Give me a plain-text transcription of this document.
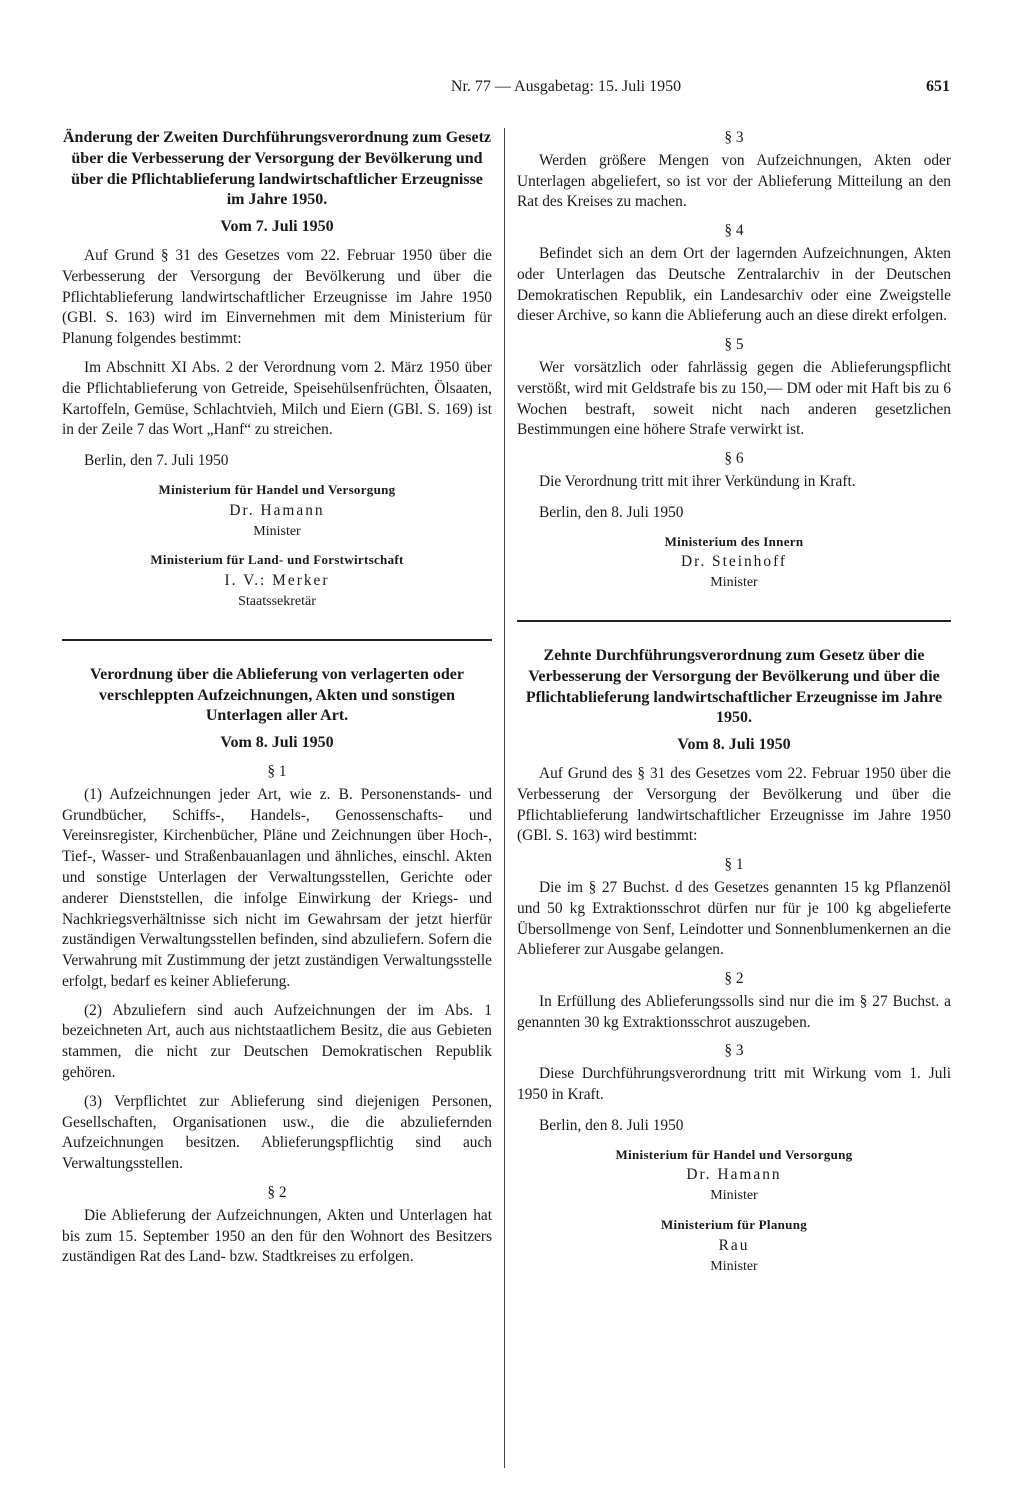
Nr. 77 — Ausgabetag: 15. Juli 1950	651
Änderung der Zweiten Durchführungsverordnung zum Gesetz über die Verbesserung der Versorgung der Bevölkerung und über die Pflichtablieferung landwirtschaftlicher Erzeugnisse im Jahre 1950.
Vom 7. Juli 1950

Auf Grund § 31 des Gesetzes vom 22. Februar 1950 über die Verbesserung der Versorgung der Bevölkerung und über die Pflichtablieferung landwirtschaftlicher Erzeugnisse im Jahre 1950 (GBl. S. 163) wird im Einvernehmen mit dem Ministerium für Planung folgendes bestimmt:

Im Abschnitt XI Abs. 2 der Verordnung vom 2. März 1950 über die Pflichtablieferung von Getreide, Speisehülsenfrüchten, Ölsaaten, Kartoffeln, Gemüse, Schlachtvieh, Milch und Eiern (GBl. S. 169) ist in der Zeile 7 das Wort „Hanf“ zu streichen.

Berlin, den 7. Juli 1950
Ministerium für Handel und Versorgung
Dr. Hamann
Minister
Ministerium für Land- und Forstwirtschaft
I. V.: Merker
Staatssekretär
Verordnung über die Ablieferung von verlagerten oder verschleppten Aufzeichnungen, Akten und sonstigen Unterlagen aller Art.
Vom 8. Juli 1950
§ 1

(1) Aufzeichnungen jeder Art, wie z. B. Personenstands- und Grundbücher, Schiffs-, Handels-, Genossenschafts- und Vereinsregister, Kirchenbücher, Pläne und Zeichnungen über Hoch-, Tief-, Wasser- und Straßenbauanlagen und ähnliches, einschl. Akten und sonstige Unterlagen der Verwaltungsstellen, Gerichte oder anderer Dienststellen, die infolge Einwirkung der Kriegs- und Nachkriegsverhältnisse sich nicht im Gewahrsam der jetzt hierfür zuständigen Verwaltungsstellen befinden, sind abzuliefern. Sofern die Verwahrung mit Zustimmung der jetzt zuständigen Verwaltungsstelle erfolgt, bedarf es keiner Ablieferung.

(2) Abzuliefern sind auch Aufzeichnungen der im Abs. 1 bezeichneten Art, auch aus nichtstaatlichem Besitz, die aus Gebieten stammen, die nicht zur Deutschen Demokratischen Republik gehören.

(3) Verpflichtet zur Ablieferung sind diejenigen Personen, Gesellschaften, Organisationen usw., die die abzuliefernden Aufzeichnungen besitzen. Ablieferungspflichtig sind auch Verwaltungsstellen.

§ 2

Die Ablieferung der Aufzeichnungen, Akten und Unterlagen hat bis zum 15. September 1950 an den für den Wohnort des Besitzers zuständigen Rat des Land- bzw. Stadtkreises zu erfolgen.

§ 3

Werden größere Mengen von Aufzeichnungen, Akten oder Unterlagen abgeliefert, so ist vor der Ablieferung Mitteilung an den Rat des Kreises zu machen.

§ 4

Befindet sich an dem Ort der lagernden Aufzeichnungen, Akten oder Unterlagen das Deutsche Zentralarchiv in der Deutschen Demokratischen Republik, ein Landesarchiv oder eine Zweigstelle dieser Archive, so kann die Ablieferung auch an diese direkt erfolgen.

§ 5

Wer vorsätzlich oder fahrlässig gegen die Ablieferungspflicht verstößt, wird mit Geldstrafe bis zu 150,— DM oder mit Haft bis zu 6 Wochen bestraft, soweit nicht nach anderen gesetzlichen Bestimmungen eine höhere Strafe verwirkt ist.

§ 6

Die Verordnung tritt mit ihrer Verkündung in Kraft.

Berlin, den 8. Juli 1950
Ministerium des Innern
Dr. Steinhoff
Minister
Zehnte Durchführungsverordnung zum Gesetz über die Verbesserung der Versorgung der Bevölkerung und über die Pflichtablieferung landwirtschaftlicher Erzeugnisse im Jahre 1950.
Vom 8. Juli 1950

Auf Grund des § 31 des Gesetzes vom 22. Februar 1950 über die Verbesserung der Versorgung der Bevölkerung und über die Pflichtablieferung landwirtschaftlicher Erzeugnisse im Jahre 1950 (GBl. S. 163) wird bestimmt:

§ 1

Die im § 27 Buchst. d des Gesetzes genannten 15 kg Pflanzenöl und 50 kg Extraktionsschrot dürfen nur für je 100 kg abgelieferte Übersollmenge von Senf, Leindotter und Sonnenblumenkernen an die Ablieferer zur Ausgabe gelangen.

§ 2

In Erfüllung des Ablieferungssolls sind nur die im § 27 Buchst. a genannten 30 kg Extraktionsschrot auszugeben.

§ 3

Diese Durchführungsverordnung tritt mit Wirkung vom 1. Juli 1950 in Kraft.

Berlin, den 8. Juli 1950
Ministerium für Handel und Versorgung
Dr. Hamann
Minister
Ministerium für Planung
Rau
Minister
